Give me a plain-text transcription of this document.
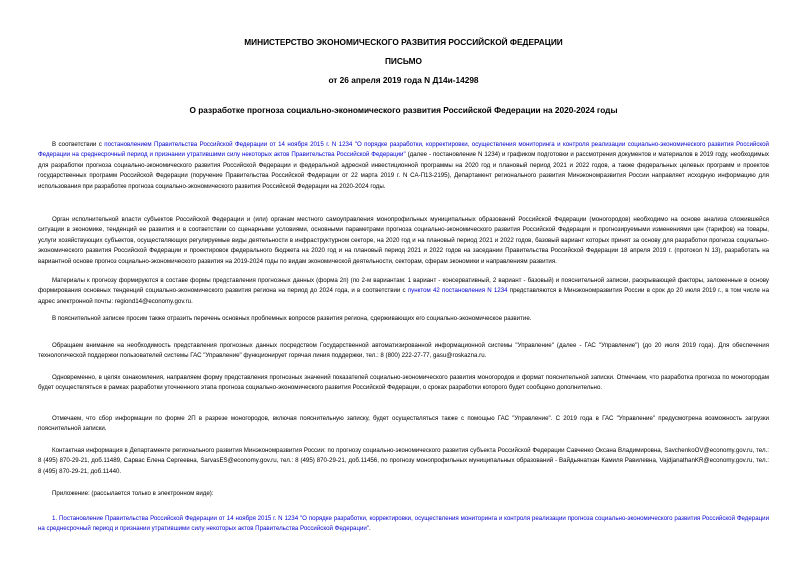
МИНИСТЕРСТВО ЭКОНОМИЧЕСКОГО РАЗВИТИЯ РОССИЙСКОЙ ФЕДЕРАЦИИ
ПИСЬМО
от 26 апреля 2019 года N Д14и-14298
О разработке прогноза социально-экономического развития Российской Федерации на 2020-2024 годы

В соответствии с постановлением Правительства Российской Федерации от 14 ноября 2015 г. N 1234 "О порядке разработки, корректировки, осуществления мониторинга и контроля реализации социально-экономического развития Российской Федерации на среднесрочный период и признании утратившими силу некоторых актов Правительства Российской Федерации" (далее - постановление N 1234) и графиком подготовки и рассмотрения документов и материалов в 2019 году, необходимых для разработки прогноза социально-экономического развития Российской Федерации и федеральной адресной инвестиционной программы на 2020 год и плановый период 2021 и 2022 годов, а также федеральных целевых программ и проектов государственных программ Российской Федерации (поручение Правительства Российской Федерации от 22 марта 2019 г. N СА-П13-2195), Департамент регионального развития Минэкономразвития России направляет исходную информацию для использования при разработке прогноза социально-экономического развития Российской Федерации на 2020-2024 годы.

Орган исполнительной власти субъектов Российской Федерации и (или) органам местного самоуправления монопрофильных муниципальных образований Российской Федерации (моногородов) необходимо на основе анализа сложившейся ситуации в экономике, тенденций ее развития и в соответствии со сценарными условиями, основными параметрами прогноза социально-экономического развития Российской Федерации и прогнозируемыми изменениями цен (тарифов) на товары, услуги хозяйствующих субъектов, осуществляющих регулируемые виды деятельности в инфраструктурном секторе, на 2020 год и на плановый период 2021 и 2022 годов, базовый вариант которых принят за основу для разработки прогноза социально-экономического развития Российской Федерации и проектировок федерального бюджета на 2020 год и на плановый период 2021 и 2022 годов на заседании Правительства Российской Федерации 18 апреля 2019 г. (протокол N 13), разработать на вариантной основе прогноз социально-экономического развития на 2019-2024 годы по видам экономической деятельности, секторам, сферам экономики и направлениям развития.

Материалы к прогнозу формируются в составе формы представления прогнозных данных (форма 2п) (по 2-м вариантам: 1 вариант - консервативный, 2 вариант - базовый) и пояснительной записки, раскрывающей факторы, заложенные в основу формирования основных тенденций социально-экономического развития региона на период до 2024 года, и в соответствии с пунктом 42 постановления N 1234 представляются в Минэкономразвития России в срок до 20 июля 2019 г., в том числе на адрес электронной почты: regiond14@economy.gov.ru.

В пояснительной записке просим также отразить перечень основных проблемных вопросов развития региона, сдерживающих его социально-экономическое развитие.

Обращаем внимание на необходимость представления прогнозных данных посредством Государственной автоматизированной информационной системы "Управление" (далее - ГАС "Управление") (до 20 июля 2019 года). Для обеспечения технологической поддержки пользователей системы ГАС "Управление" функционирует горячая линия поддержки, тел.: 8 (800) 222-27-77, gasu@roskazna.ru.

Одновременно, в целях ознакомления, направляем форму представления прогнозных значений показателей социально-экономического развития моногородов и формат пояснительной записки. Отмечаем, что разработка прогноза по моногородам будет осуществляться в рамках разработки уточненного этапа прогноза социально-экономического развития Российской Федерации, о сроках разработки которого будет сообщено дополнительно.

Отмечаем, что сбор информации по форме 2П в разрезе моногородов, включая пояснительную записку, будет осуществляться также с помощью ГАС "Управление". С 2019 года в ГАС "Управление" предусмотрена возможность загрузки пояснительной записки.

Контактная информация в Департаменте регионального развития Минэкономразвития России: по прогнозу социально-экономического развития субъекта Российской Федерации Савченко Оксана Владимировна, SavchenkoOV@economy.gov.ru, тел.: 8 (495) 870-29-21, доб.11489, Сарвас Елена Сергеевна, SarvasES@economy.gov.ru, тел.: 8 (495) 870-29-21, доб.11456, по прогнозу монопрофильных муниципальных образований - Вайдьянатхан Камиля Равилевна, VajdjanathanKR@economy.gov.ru, тел.: 8 (495) 870-29-21, доб.11440.

Приложение: (рассылается только в электронном виде):

1. Постановление Правительства Российской Федерации от 14 ноября 2015 г. N 1234 "О порядке разработки, корректировки, осуществления мониторинга и контроля реализации прогноза социально-экономического развития Российской Федерации на среднесрочный период и признании утратившими силу некоторых актов Правительства Российской Федерации".
